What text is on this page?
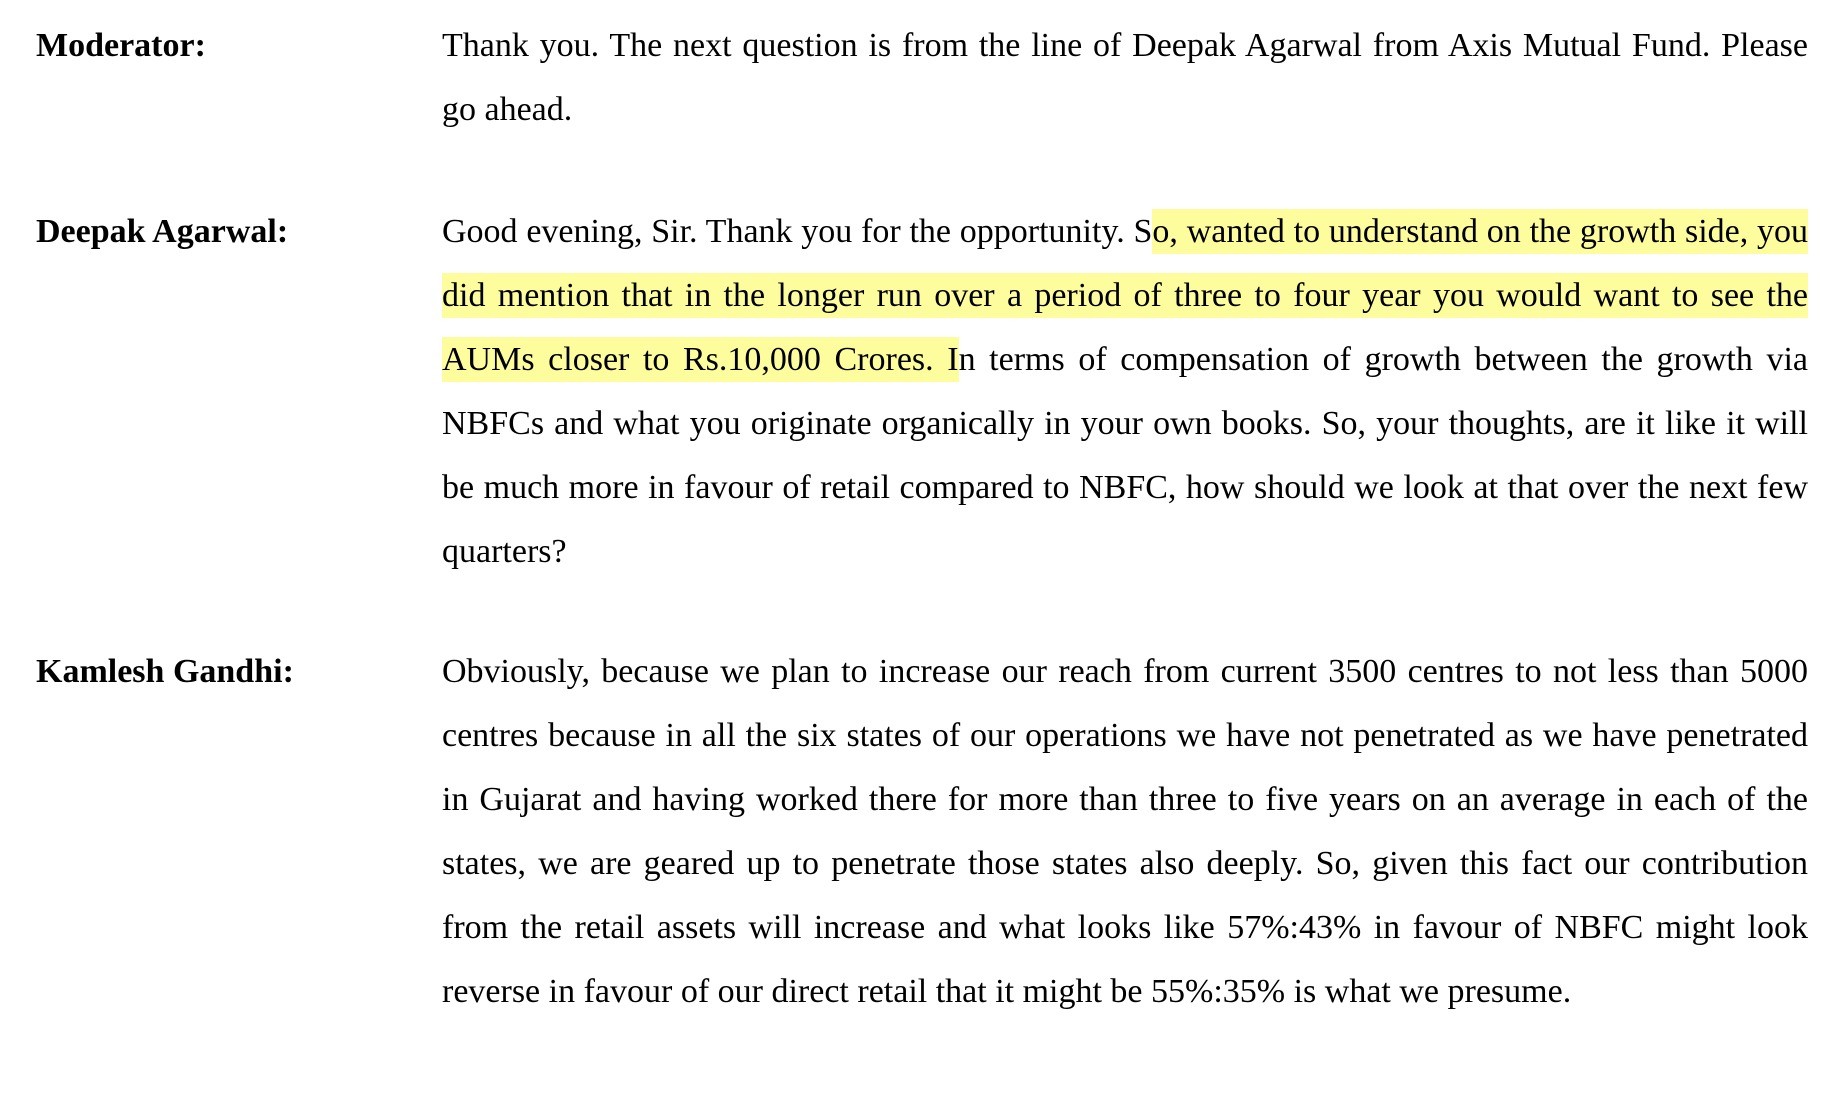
Moderator:	Thank you. The next question is from the line of Deepak Agarwal from Axis Mutual Fund. Please go ahead.
Deepak Agarwal:	Good evening, Sir. Thank you for the opportunity. So, wanted to understand on the growth side, you did mention that in the longer run over a period of three to four year you would want to see the AUMs closer to Rs.10,000 Crores. In terms of compensation of growth between the growth via NBFCs and what you originate organically in your own books. So, your thoughts, are it like it will be much more in favour of retail compared to NBFC, how should we look at that over the next few quarters?
Kamlesh Gandhi:	Obviously, because we plan to increase our reach from current 3500 centres to not less than 5000 centres because in all the six states of our operations we have not penetrated as we have penetrated in Gujarat and having worked there for more than three to five years on an average in each of the states, we are geared up to penetrate those states also deeply. So, given this fact our contribution from the retail assets will increase and what looks like 57%:43% in favour of NBFC might look reverse in favour of our direct retail that it might be 55%:35% is what we presume.
